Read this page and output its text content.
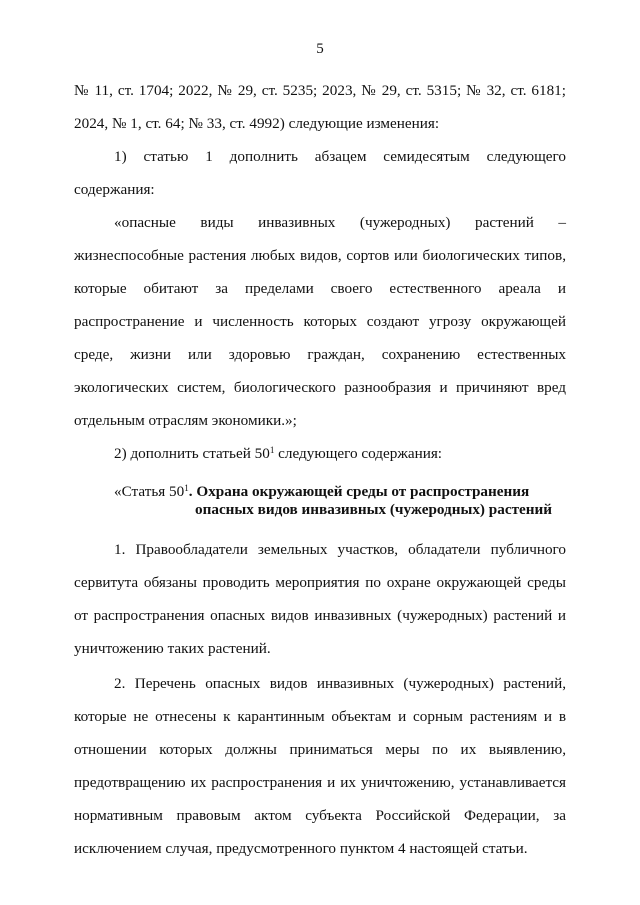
5

№ 11, ст. 1704; 2022, № 29, ст. 5235; 2023, № 29, ст. 5315; № 32, ст. 6181; 2024, № 1, ст. 64; № 33, ст. 4992) следующие изменения:

1) статью 1 дополнить абзацем семидесятым следующего содержания:

«опасные виды инвазивных (чужеродных) растений – жизнеспособные растения любых видов, сортов или биологических типов, которые обитают за пределами своего естественного ареала и распространение и численность которых создают угрозу окружающей среде, жизни или здоровью граждан, сохранению естественных экологических систем, биологического разнообразия и причиняют вред отдельным отраслям экономики.»;

2) дополнить статьей $50^1$ следующего содержания:

«Статья $50^1$. Охрана окружающей среды от распространения
опасных видов инвазивных (чужеродных) растений

1. Правообладатели земельных участков, обладатели публичного сервитута обязаны проводить мероприятия по охране окружающей среды от распространения опасных видов инвазивных (чужеродных) растений и уничтожению таких растений.

2. Перечень опасных видов инвазивных (чужеродных) растений, которые не отнесены к карантинным объектам и сорным растениям и в отношении которых должны приниматься меры по их выявлению, предотвращению их распространения и их уничтожению, устанавливается нормативным правовым актом субъекта Российской Федерации, за исключением случая, предусмотренного пунктом 4 настоящей статьи.
